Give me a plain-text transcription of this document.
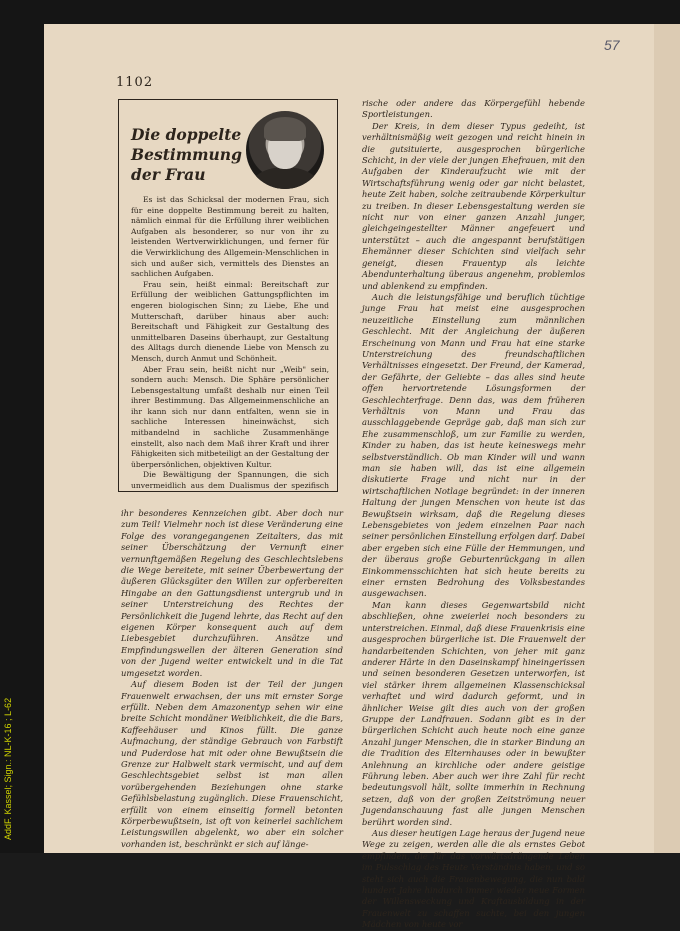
AddF. Kassel; Sign.: NL-K-16 ; L-62
57
1102
Die doppelte Bestimmung der Frau

Es ist das Schicksal der modernen Frau, sich für eine doppelte Bestimmung bereit zu halten, nämlich einmal für die Erfüllung ihrer weiblichen Aufgaben als besonderer, so nur von ihr zu leistenden Wertverwirklichungen, und ferner für die Verwirklichung des Allgemein-Menschlichen in sich und außer sich, vermittels des Dienstes an sachlichen Aufgaben.

Frau sein, heißt einmal: Bereitschaft zur Erfüllung der weiblichen Gattungspflichten im engeren biologischen Sinn; zu Liebe, Ehe und Mutterschaft, darüber hinaus aber auch: Bereitschaft und Fähigkeit zur Gestaltung des unmittelbaren Daseins überhaupt, zur Gestaltung des Alltags durch dienende Liebe von Mensch zu Mensch, durch Anmut und Schönheit.

Aber Frau sein, heißt nicht nur „Weib" sein, sondern auch: Mensch. Die Sphäre persönlicher Lebensgestaltung umfaßt deshalb nur einen Teil ihrer Bestimmung. Das Allgemeinmenschliche an ihr kann sich nur dann entfalten, wenn sie in sachliche Interessen hineinwächst, sich mitbandelnd in sachliche Zusammenhänge einstellt, also nach dem Maß ihrer Kraft und ihrer Fähigkeiten sich mitbeteiligt an der Gestaltung der überpersönlichen, objektiven Kultur.

Die Bewältigung der Spannungen, die sich unvermeidlich aus dem Dualismus der spezifisch

ihr besonderes Kennzeichen gibt. Aber doch nur zum Teil! Vielmehr noch ist diese Veränderung eine Folge des vorangegangenen Zeitalters, das mit seiner Überschätzung der Vernunft einer vernunftgemäßen Regelung des Geschlechtslebens die Wege bereitete, mit seiner Überbewertung der äußeren Glücksgüter den Willen zur opferbereiten Hingabe an den Gattungsdienst untergrub und in seiner Unterstreichung des Rechtes der Persönlichkeit die Jugend lehrte, das Recht auf den eigenen Körper konsequent auch auf dem Liebesgebiet durchzuführen. Ansätze und Empfindungswellen der älteren Generation sind von der Jugend weiter entwickelt und in die Tat umgesetzt worden.

Auf diesem Boden ist der Teil der jungen Frauenwelt erwachsen, der uns mit ernster Sorge erfüllt. Neben dem Amazonentyp sehen wir eine breite Schicht mondäner Weiblichkeit, die die Bars, Kaffeehäuser und Kinos füllt. Die ganze Aufmachung, der ständige Gebrauch von Farbstift und Puderdose hat mit oder ohne Bewußtsein die Grenze zur Halbwelt stark vermischt, und auf dem Geschlechtsgebiet selbst ist man allen vorübergehenden Beziehungen ohne starke Gefühlsbelastung zugänglich. Diese Frauenschicht, erfüllt von einem einseitig formell betonten Körperbewußtsein, ist oft von keinerlei sachlichem Leistungswillen abgelenkt, wo aber ein solcher vorhanden ist, beschränkt er sich auf länge-

rische oder andere das Körpergefühl hebende Sportleistungen.

Der Kreis, in dem dieser Typus gedeiht, ist verhältnismäßig weit gezogen und reicht hinein in die gutsituierte, ausgesprochen bürgerliche Schicht, in der viele der jungen Ehefrauen, mit den Aufgaben der Kinderaufzucht wie mit der Wirtschaftsführung wenig oder gar nicht belastet, heute Zeit haben, solche zeitraubende Körperkultur zu treiben. In dieser Lebensgestaltung werden sie nicht nur von einer ganzen Anzahl junger, gleichgeingestellter Männer angefeuert und unterstützt – auch die angespannt berufstätigen Ehemänner dieser Schichten sind vielfach sehr geneigt, diesen Frauentyp als leichte Abendunterhaltung überaus angenehm, problemlos und ablenkend zu empfinden.

Auch die leistungsfähige und beruflich tüchtige junge Frau hat meist eine ausgesprochen neuzeitliche Einstellung zum männlichen Geschlecht. Mit der Angleichung der äußeren Erscheinung von Mann und Frau hat eine starke Unterstreichung des freundschaftlichen Verhältnisses eingesetzt. Der Freund, der Kamerad, der Gefährte, der Geliebte – das alles sind heute offen hervortretende Lösungsformen der Geschlechterfrage. Denn das, was dem früheren Verhältnis von Mann und Frau das ausschlaggebende Gepräge gab, daß man sich zur Ehe zusammenschloß, um zur Familie zu werden, Kinder zu haben, das ist heute keineswegs mehr selbstverständlich. Ob man Kinder will und wann man sie haben will, das ist eine allgemein diskutierte Frage und nicht nur in der wirtschaftlichen Notlage begründet: in der inneren Haltung der jungen Menschen von heute ist das Bewußtsein wirksam, daß die Regelung dieses Lebensgebietes von jedem einzelnen Paar nach seiner persönlichen Einstellung erfolgen darf. Dabei aber ergeben sich eine Fülle der Hemmungen, und der überaus große Geburtenrückgang in allen Einkommensschichten hat sich heute bereits zu einer ernsten Bedrohung des Volksbestandes ausgewachsen.

Man kann dieses Gegenwartsbild nicht abschließen, ohne zweierlei noch besonders zu unterstreichen. Einmal, daß diese Frauenkrisis eine ausgesprochen bürgerliche ist. Die Frauenwelt der handarbeitenden Schichten, von jeher mit ganz anderer Härte in den Daseinskampf hineingerissen und seinen besonderen Gesetzen unterworfen, ist viel stärker ihrem allgemeinen Klassenschicksal verhaftet und wird dadurch geformt, und in ähnlicher Weise gilt dies auch von der großen Gruppe der Landfrauen. Sodann gibt es in der bürgerlichen Schicht auch heute noch eine ganze Anzahl junger Menschen, die in starker Bindung an die Tradition des Elternhauses oder in bewußter Anlehnung an kirchliche oder andere geistige Führung leben. Aber auch wer ihre Zahl für recht bedeutungsvoll hält, sollte immerhin in Rechnung setzen, daß von der großen Zeitströmung neuer Jugendanschauung fast alle jungen Menschen berührt worden sind.

Aus dieser heutigen Lage heraus der Jugend neue Wege zu zeigen, werden alle die als ernstes Gebot empfinden, die für das vorwärtsdrängende Leben im Pulsschlag des Heute Verständnis haben, und so steht sich auch die Frauenbewegung, die nun bald hundert Jahre hindurch immer wieder neue Formen der Willensweckung und Kraftausbildung in der Frauenwelt zu schaffen suchte, bei den jungen Mädchen von heute vor
